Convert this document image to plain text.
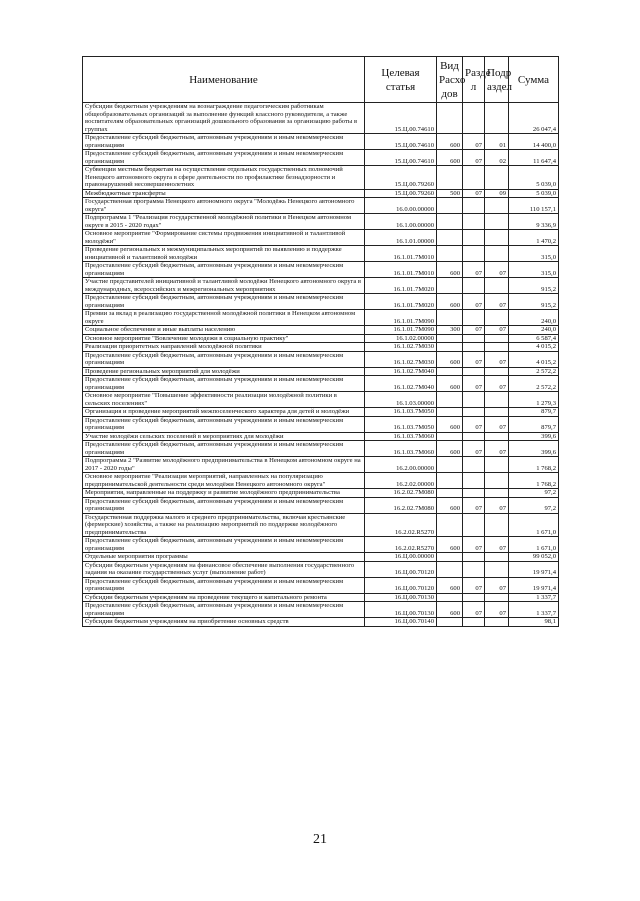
Наименование	Целевая статья	Вид Расхо дов	Разде л	Подр аздел	Сумма
Субсидии бюджетным учреждениям на вознаграждение педагогическим работникам общеобразовательных организаций за выполнение функций классного руководителя, а также воспитателям образовательных организаций дошкольного образования за организацию работы в группах	15.Ц.00.74610				26 047,4
Предоставление субсидий бюджетным, автономным учреждениям и иным некоммерческим организациям	15.Ц.00.74610	600	07	01	14 400,0
Предоставление субсидий бюджетным, автономным учреждениям и иным некоммерческим организациям	15.Ц.00.74610	600	07	02	11 647,4
Субвенции местным бюджетам на осуществление отдельных государственных полномочий Ненецкого автономного округа в сфере деятельности по профилактике безнадзорности и правонарушений несовершеннолетних	15.Ц.00.79260				5 039,0
Межбюджетные трансферты	15.Ц.00.79260	500	07	09	5 039,0
Государственная программа Ненецкого автономного округа "Молодёжь Ненецкого автономного округа"	16.0.00.00000				110 157,1
Подпрограмма 1 "Реализация государственной молодёжной политики в Ненецком автономном округе в 2015 - 2020 годах"	16.1.00.00000				9 336,9
Основное мероприятие "Формирование системы продвижения инициативной и талантливой молодёжи"	16.1.01.00000				1 470,2
Проведение региональных и межмуниципальных мероприятий по выявлению и поддержке инициативной и талантливой молодёжи	16.1.01.7М010				315,0
Предоставление субсидий бюджетным, автономным учреждениям и иным некоммерческим организациям	16.1.01.7М010	600	07	07	315,0
Участие представителей инициативной и талантливой молодёжи Ненецкого автономного округа в международных, всероссийских и межрегиональных мероприятиях	16.1.01.7М020				915,2
Предоставление субсидий бюджетным, автономным учреждениям и иным некоммерческим организациям	16.1.01.7М020	600	07	07	915,2
Премии за вклад в реализацию государственной молодёжной политики в Ненецком автономном округе	16.1.01.7М090				240,0
Социальное обеспечение и иные выплаты населению	16.1.01.7М090	300	07	07	240,0
Основное мероприятие "Вовлечение молодежи в социальную практику"	16.1.02.00000				6 587,4
Реализация приоритетных направлений молодёжной политики	16.1.02.7М030				4 015,2
Предоставление субсидий бюджетным, автономным учреждениям и иным некоммерческим организациям	16.1.02.7М030	600	07	07	4 015,2
Проведение региональных мероприятий для молодёжи	16.1.02.7М040				2 572,2
Предоставление субсидий бюджетным, автономным учреждениям и иным некоммерческим организациям	16.1.02.7М040	600	07	07	2 572,2
Основное мероприятие "Повышение эффективности реализации молодёжной политики в сельских поселениях"	16.1.03.00000				1 279,3
Организация и проведение мероприятий межпоселенческого характера для детей и молодёжи	16.1.03.7М050				879,7
Предоставление субсидий бюджетным, автономным учреждениям и иным некоммерческим организациям	16.1.03.7М050	600	07	07	879,7
Участие молодёжи сельских поселений в мероприятиях для молодёжи	16.1.03.7М060				399,6
Предоставление субсидий бюджетным, автономным учреждениям и иным некоммерческим организациям	16.1.03.7М060	600	07	07	399,6
Подпрограмма 2 "Развитие молодёжного предпринимательства в Ненецком автономном округе на 2017 - 2020 годы"	16.2.00.00000				1 768,2
Основное мероприятие "Реализация мероприятий, направленных на популяризацию предпринимательской деятельности среди молодёжи Ненецкого автономного округа"	16.2.02.00000				1 768,2
Мероприятия, направленные на поддержку и развитие молодёжного предпринимательства	16.2.02.7М080				97,2
Предоставление субсидий бюджетным, автономным учреждениям и иным некоммерческим организациям	16.2.02.7М080	600	07	07	97,2
Государственная поддержка малого и среднего предпринимательства, включая крестьянские (фермерские) хозяйства, а также на реализацию мероприятий по поддержке молодёжного предпринимательства	16.2.02.R5270				1 671,0
Предоставление субсидий бюджетным, автономным учреждениям и иным некоммерческим организациям	16.2.02.R5270	600	07	07	1 671,0
Отдельные мероприятия программы	16.Ц.00.00000				99 052,0
Субсидии бюджетным учреждениям на финансовое обеспечение выполнения государственного задания на оказание государственных услуг (выполнение работ)	16.Ц.00.70120				19 971,4
Предоставление субсидий бюджетным, автономным учреждениям и иным некоммерческим организациям	16.Ц.00.70120	600	07	07	19 971,4
Субсидии бюджетным учреждениям на проведение текущего и капитального ремонта	16.Ц.00.70130				1 337,7
Предоставление субсидий бюджетным, автономным учреждениям и иным некоммерческим организациям	16.Ц.00.70130	600	07	07	1 337,7
Субсидии бюджетным учреждениям на приобретение основных средств	16.Ц.00.70140				98,1
21
